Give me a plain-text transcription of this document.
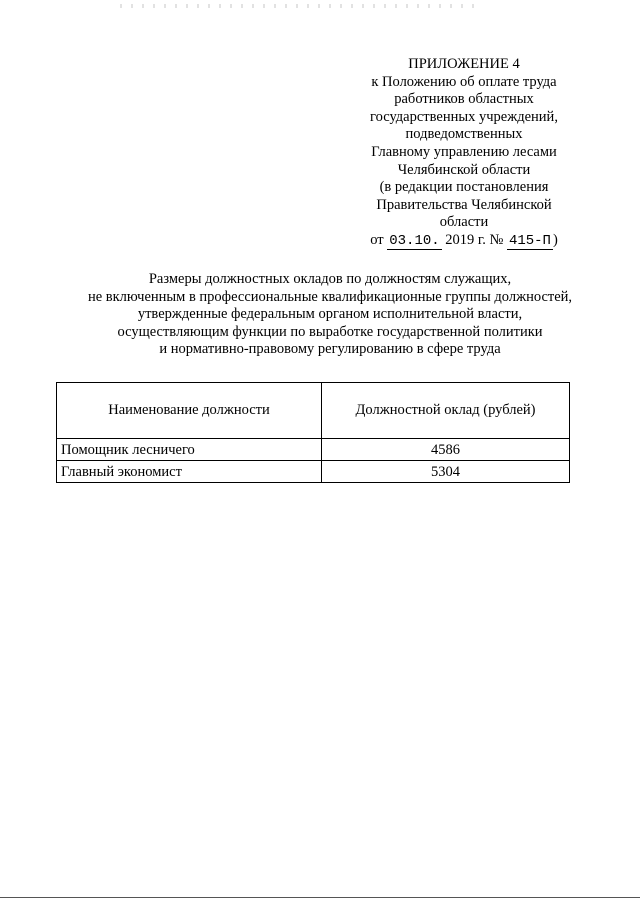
ПРИЛОЖЕНИЕ 4
к Положению об оплате труда
работников областных
государственных учреждений,
подведомственных
Главному управлению лесами
Челябинской области
(в редакции постановления
Правительства Челябинской
области
от 03.10. 2019 г. № 415-П )
Размеры должностных окладов по должностям служащих,
не включенным в профессиональные квалификационные группы должностей,
утвержденные федеральным органом исполнительной власти,
осуществляющим функции по выработке государственной политики
и нормативно-правовому регулированию в сфере труда
Наименование должности	Должностной оклад (рублей)
Помощник лесничего	4586
Главный экономист	5304
